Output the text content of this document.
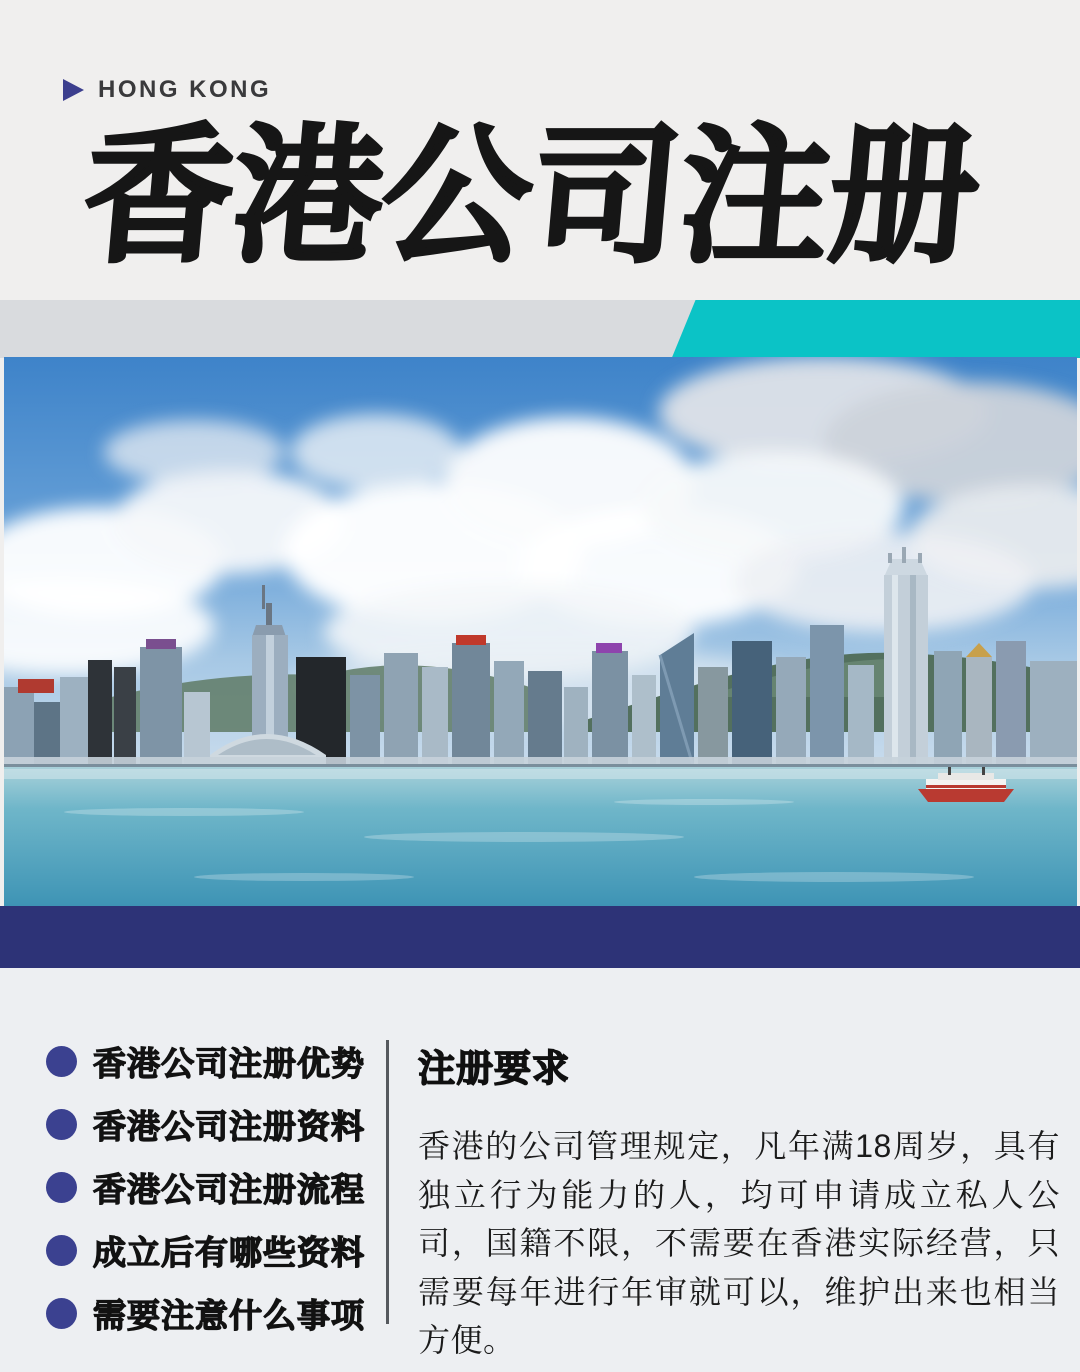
HONG KONG
香港公司注册
香港公司注册优势
香港公司注册资料
香港公司注册流程
成立后有哪些资料
需要注意什么事项
注册要求
香港的公司管理规定，凡年满18周岁，具有独立行为能力的人，均可申请成立私人公司，国籍不限，不需要在香港实际经营，只需要每年进行年审就可以，维护出来也相当方便。
